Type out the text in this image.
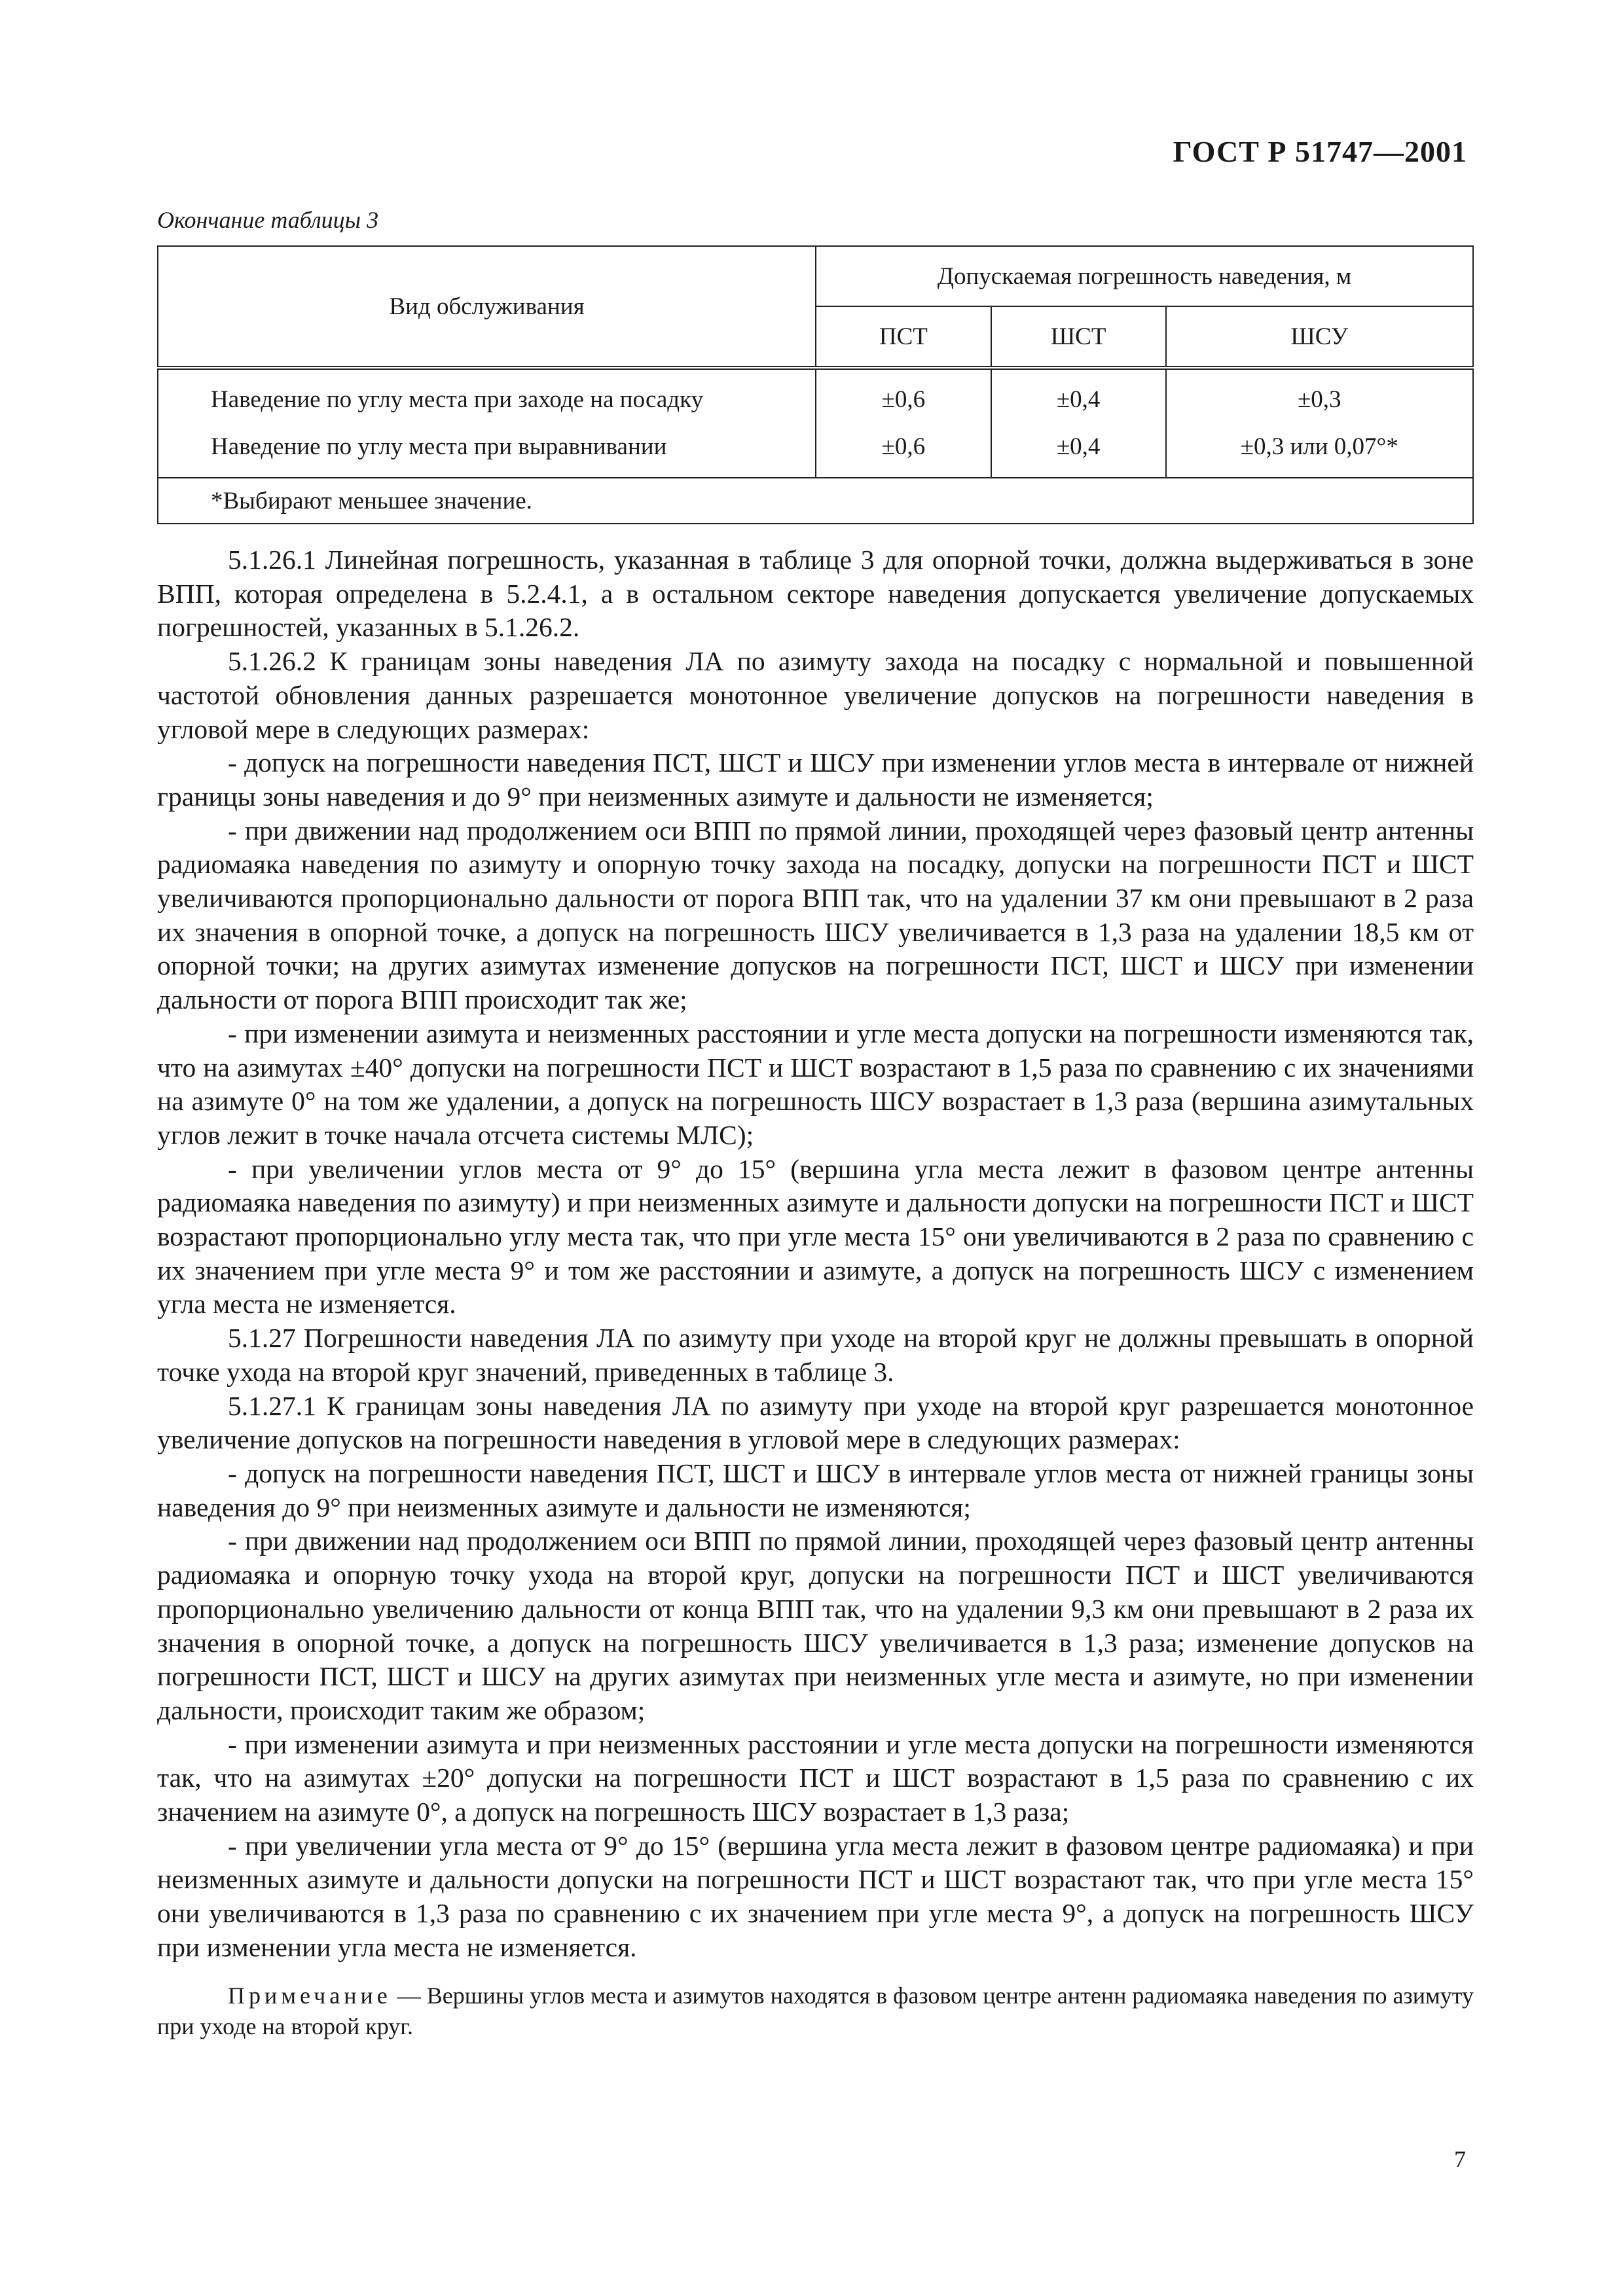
ГОСТ Р 51747—2001
Окончание таблицы 3
Вид обслуживания	Допускаемая погрешность наведения, м		
	ПСТ	ШСТ	ШСУ
Наведение по углу места при заходе на посадку	±0,6	±0,4	±0,3
Наведение по углу места при выравнивании	±0,6	±0,4	±0,3 или 0,07°*
*Выбирают меньшее значение.			

5.1.26.1 Линейная погрешность, указанная в таблице 3 для опорной точки, должна выдерживаться в зоне ВПП, которая определена в 5.2.4.1, а в остальном секторе наведения допускается увеличение допускаемых погрешностей, указанных в 5.1.26.2.

5.1.26.2 К границам зоны наведения ЛА по азимуту захода на посадку с нормальной и повышенной частотой обновления данных разрешается монотонное увеличение допусков на погрешности наведения в угловой мере в следующих размерах:

- допуск на погрешности наведения ПСТ, ШСТ и ШСУ при изменении углов места в интервале от нижней границы зоны наведения и до 9° при неизменных азимуте и дальности не изменяется;

- при движении над продолжением оси ВПП по прямой линии, проходящей через фазовый центр антенны радиомаяка наведения по азимуту и опорную точку захода на посадку, допуски на погрешности ПСТ и ШСТ увеличиваются пропорционально дальности от порога ВПП так, что на удалении 37 км они превышают в 2 раза их значения в опорной точке, а допуск на погрешность ШСУ увеличивается в 1,3 раза на удалении 18,5 км от опорной точки; на других азимутах изменение допусков на погрешности ПСТ, ШСТ и ШСУ при изменении дальности от порога ВПП происходит так же;

- при изменении азимута и неизменных расстоянии и угле места допуски на погрешности изменяются так, что на азимутах ±40° допуски на погрешности ПСТ и ШСТ возрастают в 1,5 раза по сравнению с их значениями на азимуте 0° на том же удалении, а допуск на погрешность ШСУ возрастает в 1,3 раза (вершина азимутальных углов лежит в точке начала отсчета системы МЛС);

- при увеличении углов места от 9° до 15° (вершина угла места лежит в фазовом центре антенны радиомаяка наведения по азимуту) и при неизменных азимуте и дальности допуски на погрешности ПСТ и ШСТ возрастают пропорционально углу места так, что при угле места 15° они увеличиваются в 2 раза по сравнению с их значением при угле места 9° и том же расстоянии и азимуте, а допуск на погрешность ШСУ с изменением угла места не изменяется.

5.1.27 Погрешности наведения ЛА по азимуту при уходе на второй круг не должны превышать в опорной точке ухода на второй круг значений, приведенных в таблице 3.

5.1.27.1 К границам зоны наведения ЛА по азимуту при уходе на второй круг разрешается монотонное увеличение допусков на погрешности наведения в угловой мере в следующих размерах:

- допуск на погрешности наведения ПСТ, ШСТ и ШСУ в интервале углов места от нижней границы зоны наведения до 9° при неизменных азимуте и дальности не изменяются;

- при движении над продолжением оси ВПП по прямой линии, проходящей через фазовый центр антенны радиомаяка и опорную точку ухода на второй круг, допуски на погрешности ПСТ и ШСТ увеличиваются пропорционально увеличению дальности от конца ВПП так, что на удалении 9,3 км они превышают в 2 раза их значения в опорной точке, а допуск на погрешность ШСУ увеличивается в 1,3 раза; изменение допусков на погрешности ПСТ, ШСТ и ШСУ на других азимутах при неизменных угле места и азимуте, но при изменении дальности, происходит таким же образом;

- при изменении азимута и при неизменных расстоянии и угле места допуски на погрешности изменяются так, что на азимутах ±20° допуски на погрешности ПСТ и ШСТ возрастают в 1,5 раза по сравнению с их значением на азимуте 0°, а допуск на погрешность ШСУ возрастает в 1,3 раза;

- при увеличении угла места от 9° до 15° (вершина угла места лежит в фазовом центре радиомаяка) и при неизменных азимуте и дальности допуски на погрешности ПСТ и ШСТ возрастают так, что при угле места 15° они увеличиваются в 1,3 раза по сравнению с их значением при угле места 9°, а допуск на погрешность ШСУ при изменении угла места не изменяется.

Примечание — Вершины углов места и азимутов находятся в фазовом центре антенн радиомаяка наведения по азимуту при уходе на второй круг.

7
